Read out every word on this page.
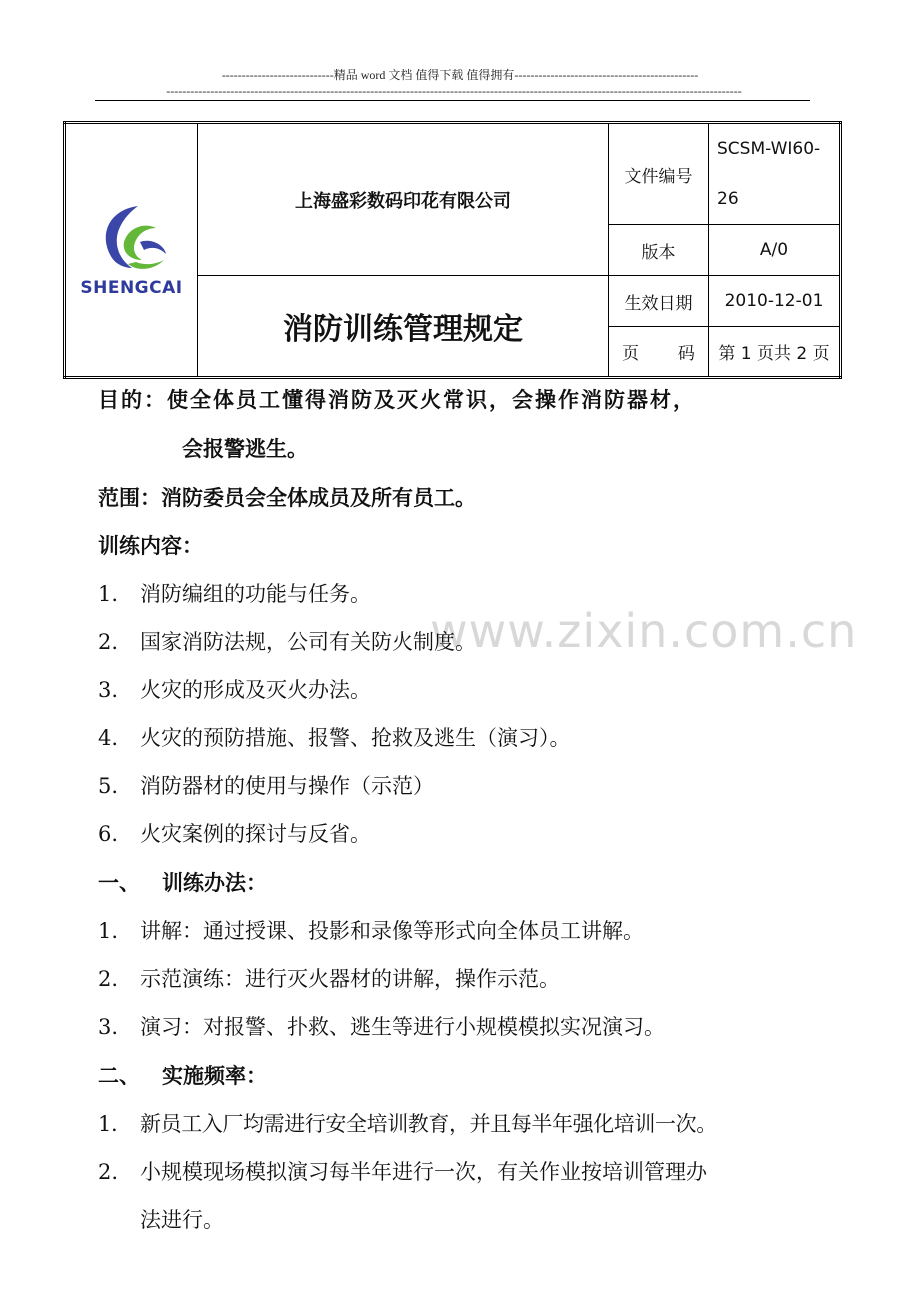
----------------------------精品 word 文档 值得下载 值得拥有----------------------------------------------
------------------------------------------------------------------------------------------------------------------------------------------------
SHENGCAI	上海盛彩数码印花有限公司	文件编号	SCSM-WI60-
26

		版本	A/0
	消防训练管理规定	生效日期	2010-12-01
		页 码	第 1 页共 2 页
www.zixin.com.cn
目的：使全体员工懂得消防及灭火常识，会操作消防器材，
会报警逃生。
范围：消防委员会全体成员及所有员工。
训练内容：
1. 消防编组的功能与任务。
2. 国家消防法规，公司有关防火制度。
3. 火灾的形成及灭火办法。
4. 火灾的预防措施、报警、抢救及逃生（演习）。
5. 消防器材的使用与操作（示范）
6. 火灾案例的探讨与反省。
一、 训练办法：
1. 讲解：通过授课、投影和录像等形式向全体员工讲解。
2. 示范演练：进行灭火器材的讲解，操作示范。
3. 演习：对报警、扑救、逃生等进行小规模模拟实况演习。
二、 实施频率：
1. 新员工入厂均需进行安全培训教育，并且每半年强化培训一次。
2. 小规模现场模拟演习每半年进行一次，有关作业按培训管理办
法进行。
